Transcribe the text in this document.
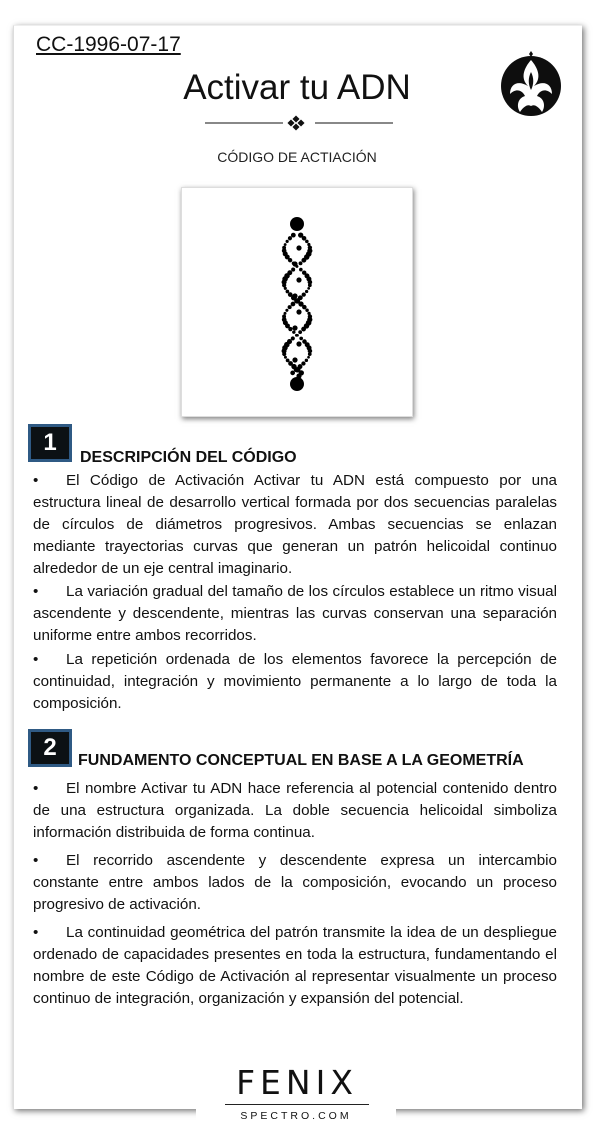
CC-1996-07-17
Activar tu ADN
CÓDIGO DE ACTIACIÓN
1
DESCRIPCIÓN DEL CÓDIGO
• El Código de Activación Activar tu ADN está compuesto por una estructura lineal de desarrollo vertical formada por dos secuencias paralelas de círculos de diámetros progresivos. Ambas secuencias se enlazan mediante trayectorias curvas que generan un patrón helicoidal continuo alrededor de un eje central imaginario.
• La variación gradual del tamaño de los círculos establece un ritmo visual ascendente y descendente, mientras las curvas conservan una separación uniforme entre ambos recorridos.
• La repetición ordenada de los elementos favorece la percepción de continuidad, integración y movimiento permanente a lo largo de toda la composición.
2	FUNDAMENTO CONCEPTUAL EN BASE A LA GEOMETRÍA
• El nombre Activar tu ADN hace referencia al potencial contenido dentro de una estructura organizada. La doble secuencia helicoidal simboliza información distribuida de forma continua.
• El recorrido ascendente y descendente expresa un intercambio constante entre ambos lados de la composición, evocando un proceso progresivo de activación.
• La continuidad geométrica del patrón transmite la idea de un despliegue ordenado de capacidades presentes en toda la estructura, fundamentando el nombre de este Código de Activación al representar visualmente un proceso continuo de integración, organización y expansión del potencial.
FENIX
SPECTRO.COM
